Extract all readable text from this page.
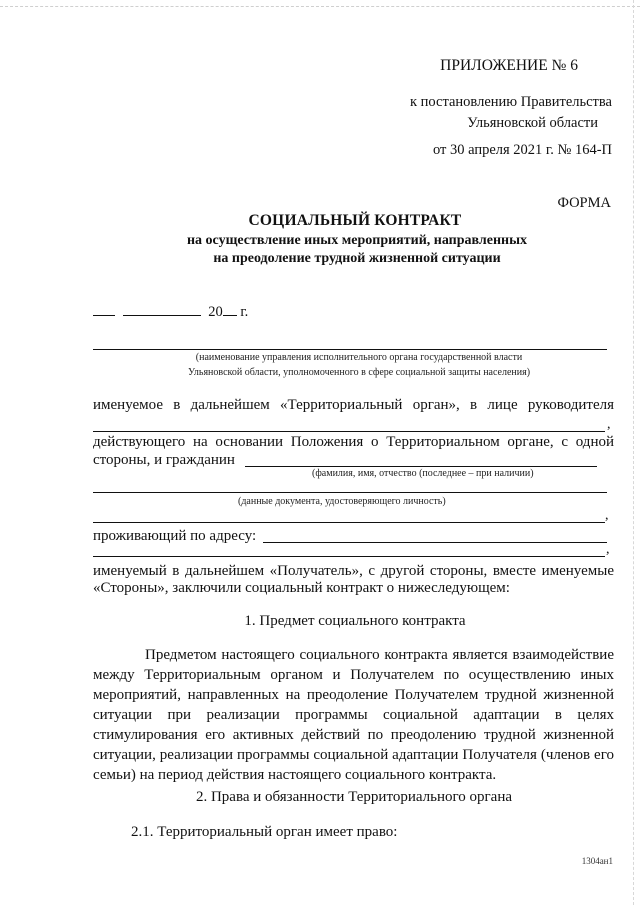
ПРИЛОЖЕНИЕ № 6
к постановлению Правительства
Ульяновской области
от 30 апреля 2021 г. № 164-П
ФОРМА
СОЦИАЛЬНЫЙ КОНТРАКТ
на осуществление иных мероприятий, направленных
на преодоление трудной жизненной ситуации
20 г.
(наименование управления исполнительного органа государственной власти
Ульяновской области, уполномоченного в сфере социальной защиты населения)
именуемое в дальнейшем «Территориальный орган», в лице руководителя
,
действующего на основании Положения о Территориальном органе, с одной
стороны, и гражданин
(фамилия, имя, отчество (последнее – при наличии)
(данные документа, удостоверяющего личность)
,
проживающий по адресу:
,
именуемый в дальнейшем «Получатель», с другой стороны, вместе именуемые
«Стороны», заключили социальный контракт о нижеследующем:
1. Предмет социального контракта
Предметом настоящего социального контракта является взаимодействие между Территориальным органом и Получателем по осуществлению иных мероприятий, направленных на преодоление Получателем трудной жизненной ситуации при реализации программы социальной адаптации в целях стимулирования его активных действий по преодолению трудной жизненной ситуации, реализации программы социальной адаптации Получателя (членов его семьи) на период действия настоящего социального контракта.
2. Права и обязанности Территориального органа
2.1. Территориальный орган имеет право:
1304ан1
